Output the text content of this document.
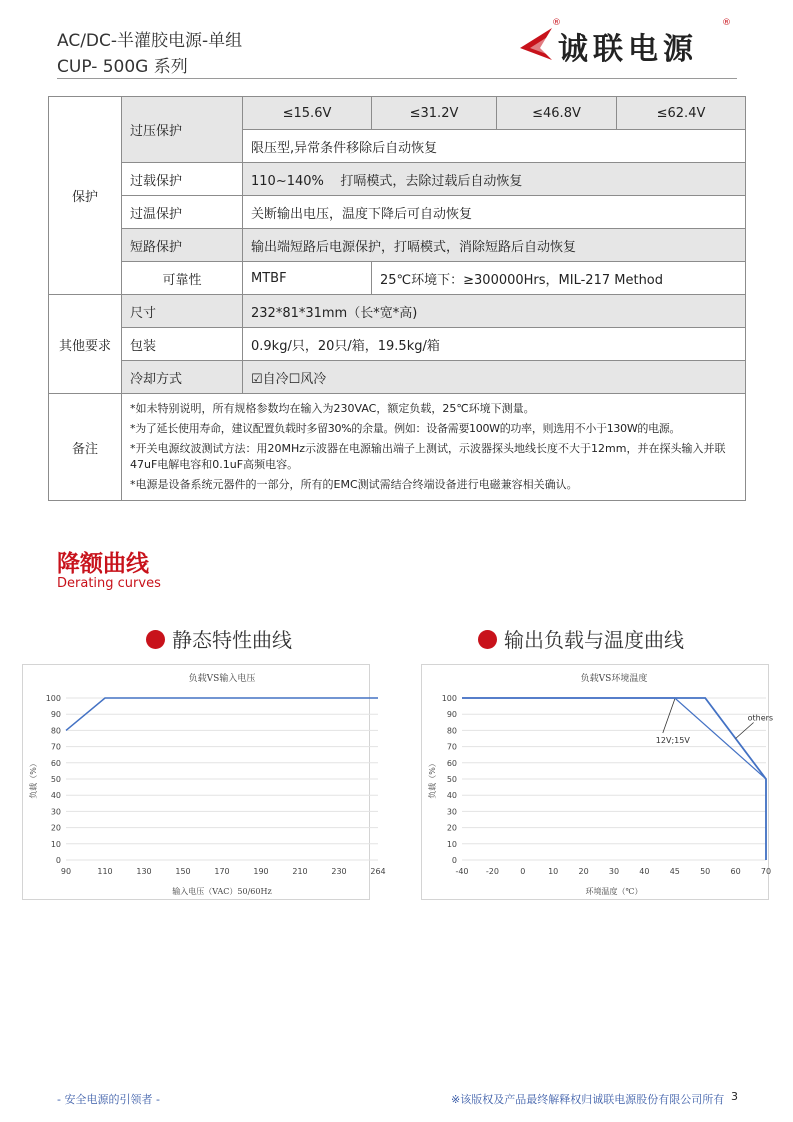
AC/DC-半灌胶电源-单组
CUP- 500G 系列
®
诚联电源
®
保护	过压保护	≤15.6V	≤31.2V	≤46.8V	≤62.4V
		限压型,异常条件移除后自动恢复			
	过载保护	110~140%    打嗝模式，去除过载后自动恢复			
	过温保护	关断输出电压，温度下降后可自动恢复			
	短路保护	输出端短路后电源保护，打嗝模式，消除短路后自动恢复			
	可靠性	MTBF	25℃环境下：≥300000Hrs，MIL-217 Method		
其他要求	尺寸	232*81*31mm（长*宽*高)			
	包装	0.9kg/只，20只/箱，19.5kg/箱			
	冷却方式	☑自冷☐风冷			
备注	*如未特别说明，所有规格参数均在输入为230VAC，额定负载，25℃环境下测量。
*为了延长使用寿命，建议配置负载时多留30%的余量。例如：设备需要100W的功率，则选用不小于130W的电源。
*开关电源纹波测试方法：用20MHz示波器在电源输出端子上测试，示波器探头地线长度不大于12mm，并在探头输入并联47uF电解电容和0.1uF高频电容。
*电源是设备系统元器件的一部分，所有的EMC测试需结合终端设备进行电磁兼容相关确认。				
降额曲线
Derating curves
静态特性曲线	输出负载与温度曲线
负载VS输入电压
0
10
20
30
40
50
60
70
80
90
100
负载（%）
输入电压（VAC）50/60Hz
90	110	130	150	170	190	210	230	264
负载VS环境温度
0
10
20
30
40
50
60
70
80
90
100
负载（%）
环境温度（℃）
-40 -20	0	10	20	30	40	45	50	60	70
12V;15V
others
- 安全电源的引领者 -	※该版权及产品最终解释权归诚联电源股份有限公司所有 3
